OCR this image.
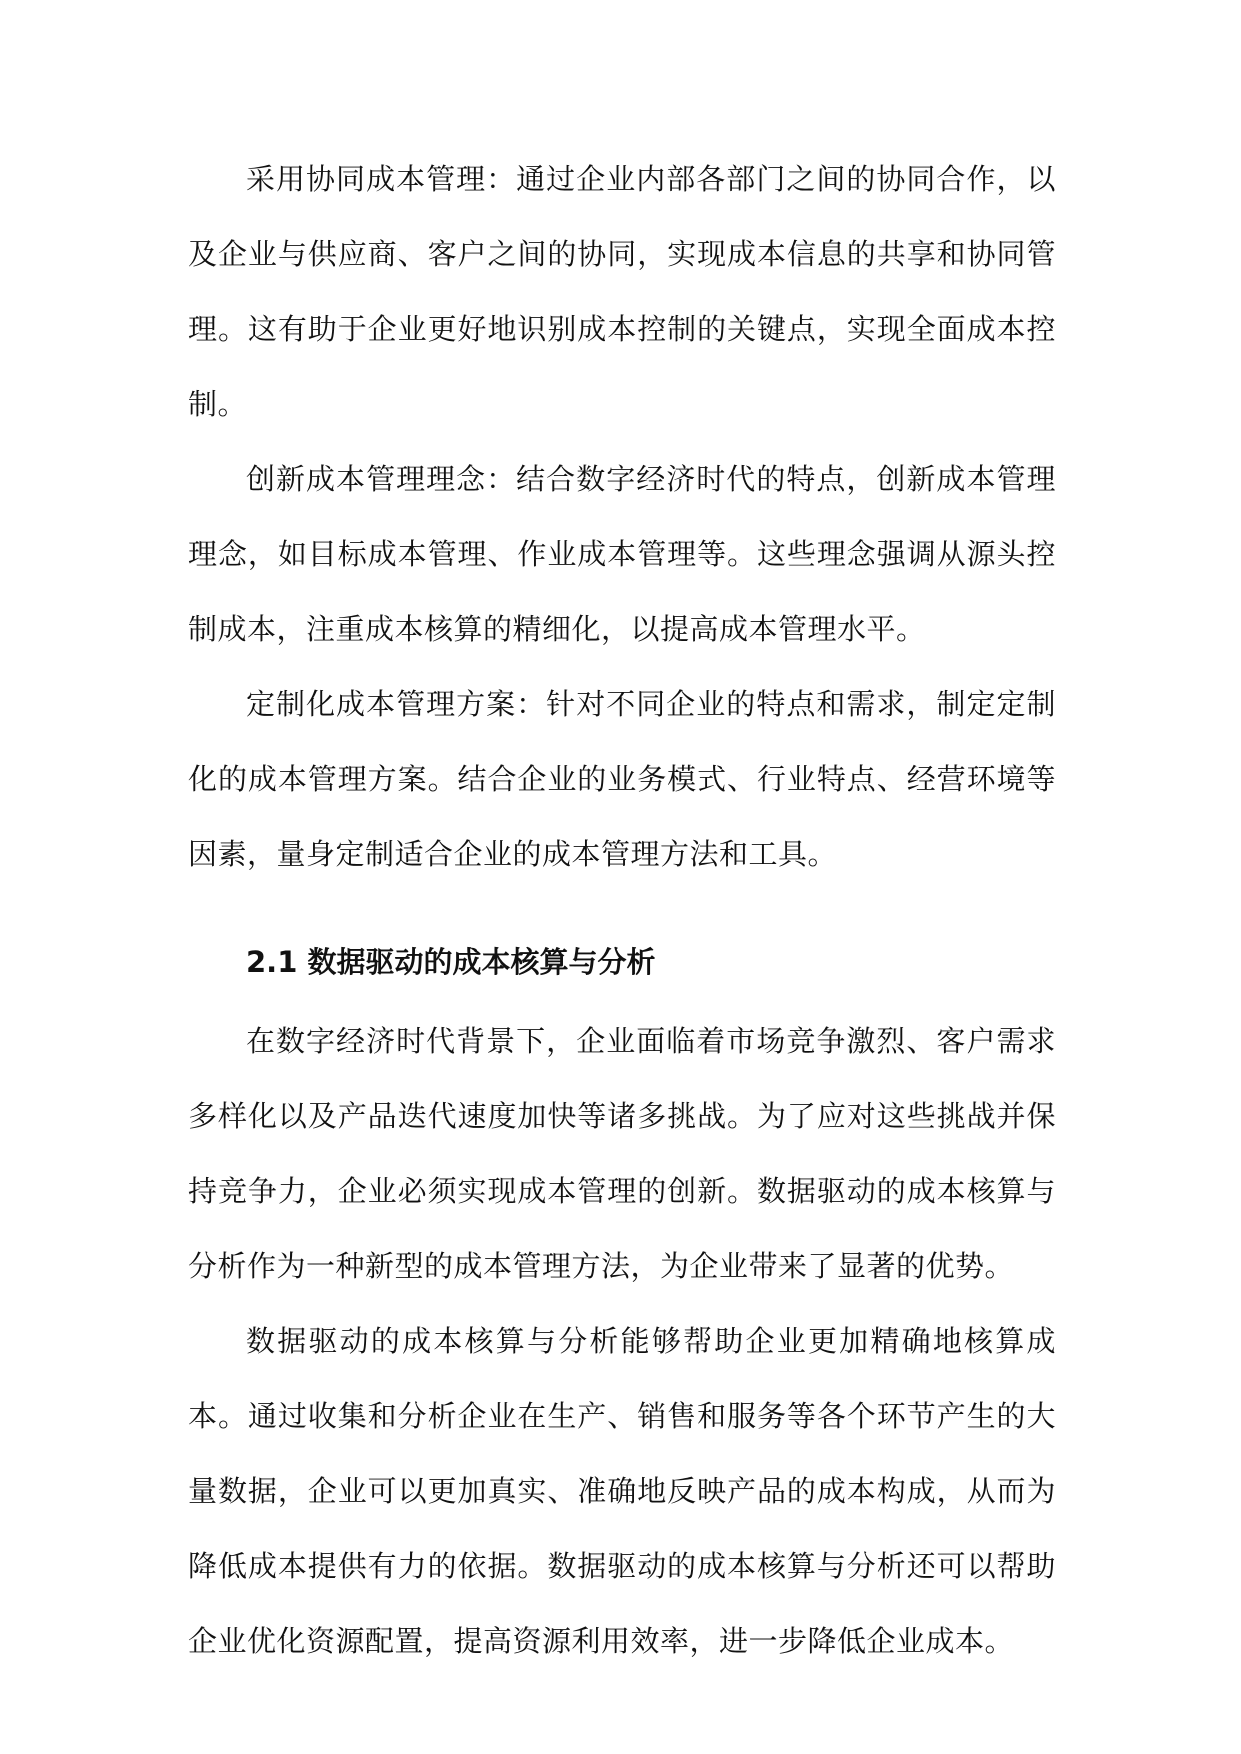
采用协同成本管理：通过企业内部各部门之间的协同合作，以及企业与供应商、客户之间的协同，实现成本信息的共享和协同管理。这有助于企业更好地识别成本控制的关键点，实现全面成本控制。

创新成本管理理念：结合数字经济时代的特点，创新成本管理理念，如目标成本管理、作业成本管理等。这些理念强调从源头控制成本，注重成本核算的精细化，以提高成本管理水平。

定制化成本管理方案：针对不同企业的特点和需求，制定定制化的成本管理方案。结合企业的业务模式、行业特点、经营环境等因素，量身定制适合企业的成本管理方法和工具。

2.1 数据驱动的成本核算与分析

在数字经济时代背景下，企业面临着市场竞争激烈、客户需求多样化以及产品迭代速度加快等诸多挑战。为了应对这些挑战并保持竞争力，企业必须实现成本管理的创新。数据驱动的成本核算与分析作为一种新型的成本管理方法，为企业带来了显著的优势。

数据驱动的成本核算与分析能够帮助企业更加精确地核算成本。通过收集和分析企业在生产、销售和服务等各个环节产生的大量数据，企业可以更加真实、准确地反映产品的成本构成，从而为降低成本提供有力的依据。数据驱动的成本核算与分析还可以帮助企业优化资源配置，提高资源利用效率，进一步降低企业成本。
